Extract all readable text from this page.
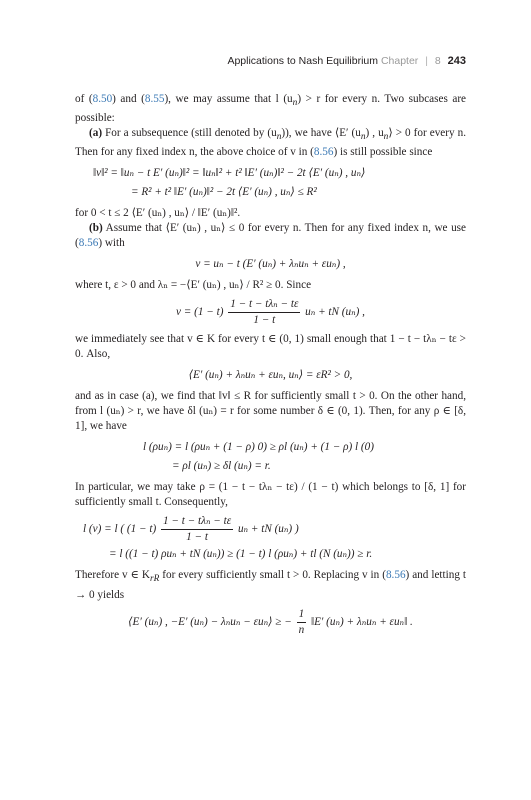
Applications to Nash Equilibrium Chapter | 8 243

of (8.50) and (8.55), we may assume that l $(u_n) > r$ for every n. Two subcases are possible:

(a) For a subsequence (still denoted by $(u_n)$), we have ⟨E′ $(u_n)$ , $u_n⟩ > 0$ for every n. Then for any fixed index n, the above choice of v in (8.56) is still possible since

‖v‖² = ‖uₙ − t E′ (uₙ)‖² = ‖uₙ‖² + t² ‖E′ (uₙ)‖² − 2t ⟨E′ (uₙ) , uₙ⟩
= R² + t² ‖E′ (uₙ)‖² − 2t ⟨E′ (uₙ) , uₙ⟩ ≤ R²

for 0 < t ≤ 2 ⟨E′ (uₙ) , uₙ⟩ / ‖E′ (uₙ)‖².

(b) Assume that ⟨E′ (uₙ) , uₙ⟩ ≤ 0 for every n. Then for any fixed index n, we use (8.56) with

v = uₙ − t (E′ (uₙ) + λₙuₙ + εuₙ) ,

where t, ε > 0 and λₙ = −⟨E′ (uₙ) , uₙ⟩ / R² ≥ 0. Since

$v = (1 - t) \frac{\text{1 − t − tλₙ − tε}}{1 - t}$ uₙ + tN (uₙ) ,

we immediately see that v ∈ K for every t ∈ (0, 1) small enough that 1 − t − tλₙ − tε > 0. Also,

⟨E′ (uₙ) + λₙuₙ + εuₙ, uₙ⟩ = εR² > 0,

and as in case (a), we find that ‖v‖ ≤ R for sufficiently small t > 0. On the other hand, from l (uₙ) > r, we have δl (uₙ) = r for some number δ ∈ (0, 1). Then, for any ρ ∈ [δ, 1], we have

l (ρuₙ) = l (ρuₙ + (1 − ρ) 0) ≥ ρl (uₙ) + (1 − ρ) l (0)
= ρl (uₙ) ≥ δl (uₙ) = r.

In particular, we may take ρ = (1 − t − tλₙ − tε) / (1 − t) which belongs to [δ, 1] for sufficiently small t. Consequently,

l (v) = l ( $(1 - t) \frac{\text{1 − t − tλₙ − tε}}{1 - t}$ uₙ + tN (uₙ) )
= l ((1 − t) ρuₙ + tN (uₙ)) ≥ (1 − t) l (ρuₙ) + tl (N (uₙ)) ≥ r.

Therefore v ∈ $K_{rR}$ for every sufficiently small t > 0. Replacing v in (8.56) and letting t → 0 yields

⟨E′ (uₙ) , −E′ (uₙ) − λₙuₙ − εuₙ⟩ ≥ − $\frac{1}{n}$ ‖E′ (uₙ) + λₙuₙ + εuₙ‖ .
